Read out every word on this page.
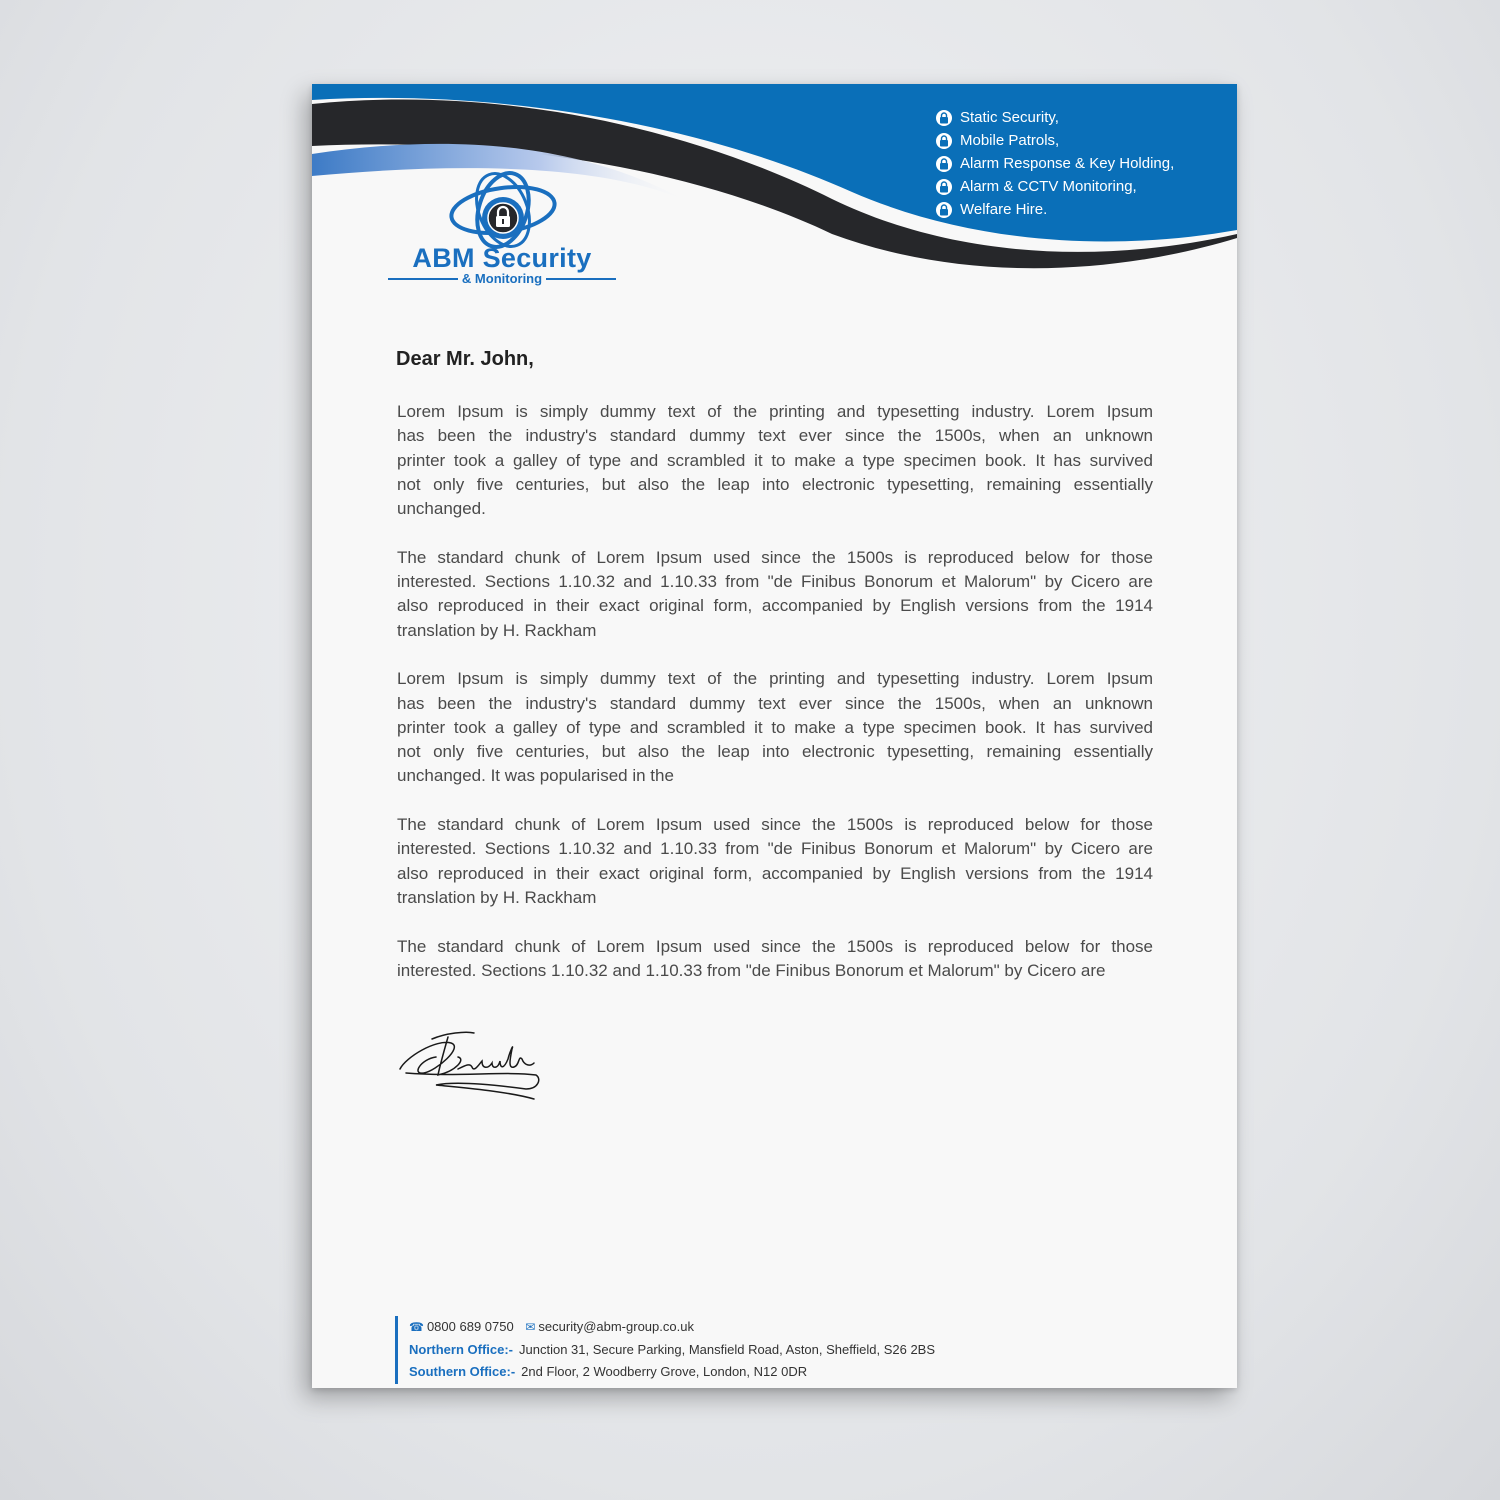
Static Security,
Mobile Patrols,
Alarm Response & Key Holding,
Alarm & CCTV Monitoring,
Welfare Hire.
ABM Security
& Monitoring
Dear Mr. John,
Lorem Ipsum is simply dummy text of the printing and typesetting industry. Lorem Ipsum
has been the industry's standard dummy text ever since the 1500s, when an unknown
printer took a galley of type and scrambled it to make a type specimen book. It has survived
not only five centuries, but also the leap into electronic typesetting, remaining essentially
unchanged.
The standard chunk of Lorem Ipsum used since the 1500s is reproduced below for those
interested. Sections 1.10.32 and 1.10.33 from "de Finibus Bonorum et Malorum" by Cicero are
also reproduced in their exact original form, accompanied by English versions from the 1914
translation by H. Rackham
Lorem Ipsum is simply dummy text of the printing and typesetting industry. Lorem Ipsum
has been the industry's standard dummy text ever since the 1500s, when an unknown
printer took a galley of type and scrambled it to make a type specimen book. It has survived
not only five centuries, but also the leap into electronic typesetting, remaining essentially
unchanged. It was popularised in the
The standard chunk of Lorem Ipsum used since the 1500s is reproduced below for those
interested. Sections 1.10.32 and 1.10.33 from "de Finibus Bonorum et Malorum" by Cicero are
also reproduced in their exact original form, accompanied by English versions from the 1914
translation by H. Rackham
The standard chunk of Lorem Ipsum used since the 1500s is reproduced below for those
interested. Sections 1.10.32 and 1.10.33 from "de Finibus Bonorum et Malorum" by Cicero are
☎ 0800 689 0750 ✉ security@abm-group.co.uk
Northern Office:- Junction 31, Secure Parking, Mansfield Road, Aston, Sheffield, S26 2BS
Southern Office:- 2nd Floor, 2 Woodberry Grove, London, N12 0DR
